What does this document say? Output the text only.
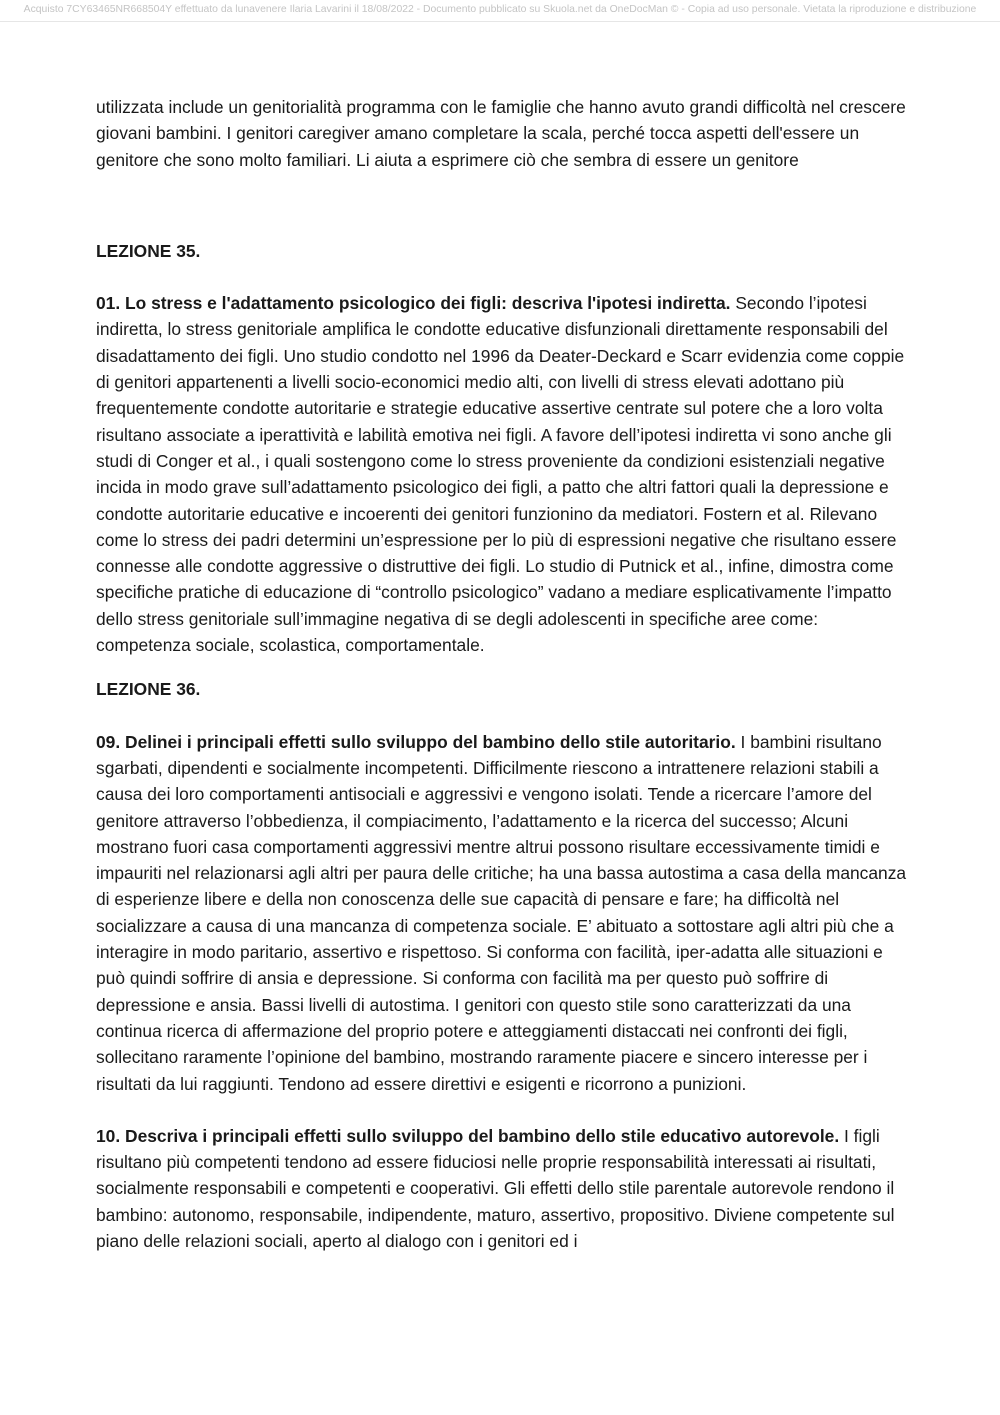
Acquisto 7CY63465NR668504Y effettuato da lunavenere Ilaria Lavarini il 18/08/2022 - Documento pubblicato su Skuola.net da OneDocMan © - Copia ad uso personale. Vietata la riproduzione e distribuzione

utilizzata include un genitorialità programma con le famiglie che hanno avuto grandi difficoltà nel crescere giovani bambini. I genitori caregiver amano completare la scala, perché tocca aspetti dell'essere un genitore che sono molto familiari. Li aiuta a esprimere ciò che sembra di essere un genitore

LEZIONE 35.

01. Lo stress e l'adattamento psicologico dei figli: descriva l'ipotesi indiretta. Secondo l’ipotesi indiretta, lo stress genitoriale amplifica le condotte educative disfunzionali direttamente responsabili del disadattamento dei figli. Uno studio condotto nel 1996 da Deater-Deckard e Scarr evidenzia come coppie di genitori appartenenti a livelli socio-economici medio alti, con livelli di stress elevati adottano più frequentemente condotte autoritarie e strategie educative assertive centrate sul potere che a loro volta risultano associate a iperattività e labilità emotiva nei figli. A favore dell’ipotesi indiretta vi sono anche gli studi di Conger et al., i quali sostengono come lo stress proveniente da condizioni esistenziali negative incida in modo grave sull’adattamento psicologico dei figli, a patto che altri fattori quali la depressione e condotte autoritarie educative e incoerenti dei genitori funzionino da mediatori. Fostern et al. Rilevano come lo stress dei padri determini un’espressione per lo più di espressioni negative che risultano essere connesse alle condotte aggressive o distruttive dei figli. Lo studio di Putnick et al., infine, dimostra come specifiche pratiche di educazione di “controllo psicologico” vadano a mediare esplicativamente l’impatto dello stress genitoriale sull’immagine negativa di se degli adolescenti in specifiche aree come: competenza sociale, scolastica, comportamentale.

LEZIONE 36.

09. Delinei i principali effetti sullo sviluppo del bambino dello stile autoritario. I bambini risultano sgarbati, dipendenti e socialmente incompetenti. Difficilmente riescono a intrattenere relazioni stabili a causa dei loro comportamenti antisociali e aggressivi e vengono isolati. Tende a ricercare l’amore del genitore attraverso l’obbedienza, il compiacimento, l’adattamento e la ricerca del successo; Alcuni mostrano fuori casa comportamenti aggressivi mentre altrui possono risultare eccessivamente timidi e impauriti nel relazionarsi agli altri per paura delle critiche; ha una bassa autostima a casa della mancanza di esperienze libere e della non conoscenza delle sue capacità di pensare e fare; ha difficoltà nel socializzare a causa di una mancanza di competenza sociale. E’ abituato a sottostare agli altri più che a interagire in modo paritario, assertivo e rispettoso. Si conforma con facilità, iper-adatta alle situazioni e può quindi soffrire di ansia e depressione. Si conforma con facilità ma per questo può soffrire di depressione e ansia. Bassi livelli di autostima. I genitori con questo stile sono caratterizzati da una continua ricerca di affermazione del proprio potere e atteggiamenti distaccati nei confronti dei figli, sollecitano raramente l’opinione del bambino, mostrando raramente piacere e sincero interesse per i risultati da lui raggiunti. Tendono ad essere direttivi e esigenti e ricorrono a punizioni.

10. Descriva i principali effetti sullo sviluppo del bambino dello stile educativo autorevole. I figli risultano più competenti tendono ad essere fiduciosi nelle proprie responsabilità interessati ai risultati, socialmente responsabili e competenti e cooperativi. Gli effetti dello stile parentale autorevole rendono il bambino: autonomo, responsabile, indipendente, maturo, assertivo, propositivo. Diviene competente sul piano delle relazioni sociali, aperto al dialogo con i genitori ed i
